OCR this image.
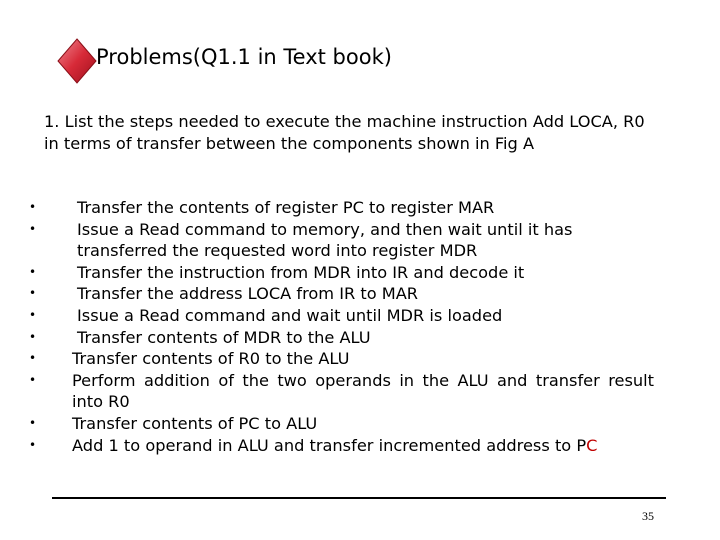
Problems(Q1.1 in Text book)
1. List the steps needed to execute the machine instruction Add LOCA, R0 in terms of transfer between the components shown in Fig A
•	Transfer the contents of register PC to register MAR
•	Issue a Read command to memory, and then wait until it has transferred the requested word into register MDR
•	Transfer the instruction from MDR into IR and decode it
•	Transfer the address LOCA from IR to MAR
•	Issue a Read command and wait until MDR is loaded
•	Transfer contents of MDR to the ALU
•	Transfer contents of R0 to the ALU
•	Perform addition of the two operands in the ALU and transfer result into R0
•	Transfer contents of PC to ALU
•	Add 1 to operand in ALU and transfer incremented address to PC
35
